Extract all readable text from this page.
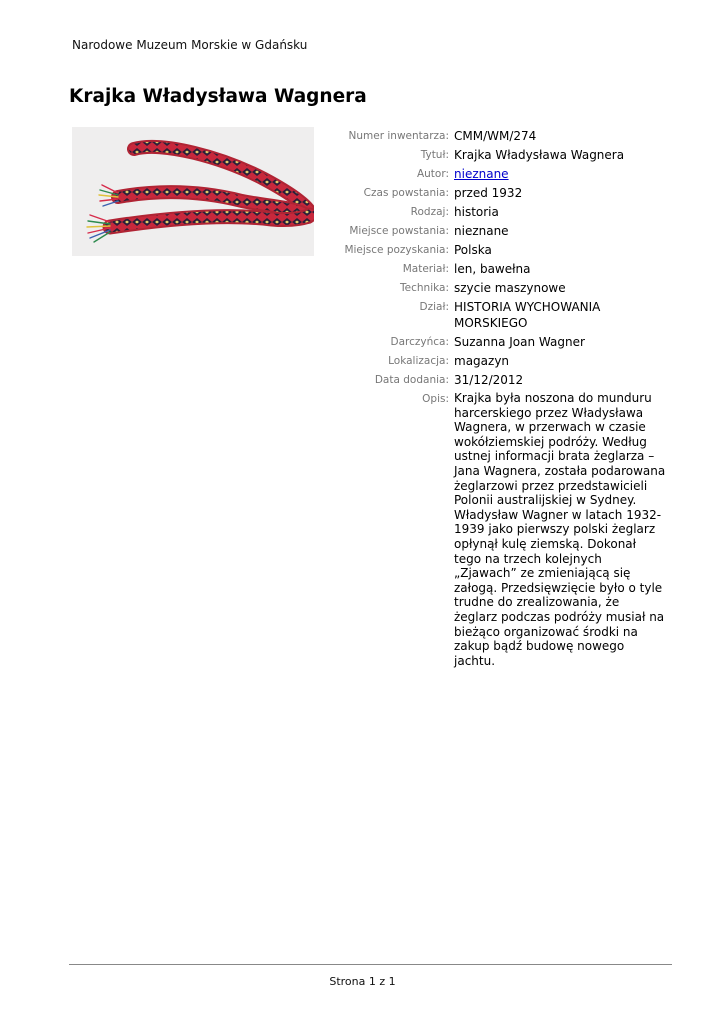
Narodowe Muzeum Morskie w Gdańsku
Krajka Władysława Wagnera
Numer inwentarza: CMM/WM/274
Tytuł: Krajka Władysława Wagnera
Autor: nieznane
Czas powstania: przed 1932
Rodzaj: historia
Miejsce powstania: nieznane
Miejsce pozyskania: Polska
Materiał: len, bawełna
Technika: szycie maszynowe
Dział: HISTORIA WYCHOWANIA MORSKIEGO
Darczyńca: Suzanna Joan Wagner
Lokalizacja: magazyn
Data dodania: 31/12/2012
Opis: Krajka była noszona do munduru harcerskiego przez Władysława Wagnera, w przerwach w czasie wokółziemskiej podróży. Według ustnej informacji brata żeglarza – Jana Wagnera, została podarowana żeglarzowi przez przedstawicieli Polonii australijskiej w Sydney. Władysław Wagner w latach 1932-1939 jako pierwszy polski żeglarz opłynął kulę ziemską. Dokonał tego na trzech kolejnych „Zjawach” ze zmieniającą się załogą. Przedsięwzięcie było o tyle trudne do zrealizowania, że żeglarz podczas podróży musiał na bieżąco organizować środki na zakup bądź budowę nowego jachtu.
Strona 1 z 1
